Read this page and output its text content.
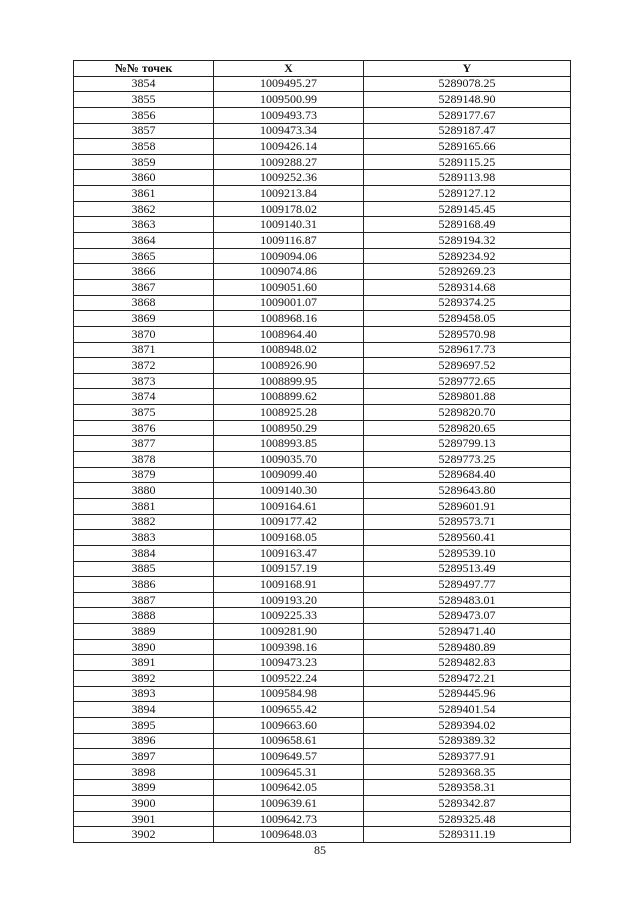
№№ точек	X	Y
3854	1009495.27	5289078.25
3855	1009500.99	5289148.90
3856	1009493.73	5289177.67
3857	1009473.34	5289187.47
3858	1009426.14	5289165.66
3859	1009288.27	5289115.25
3860	1009252.36	5289113.98
3861	1009213.84	5289127.12
3862	1009178.02	5289145.45
3863	1009140.31	5289168.49
3864	1009116.87	5289194.32
3865	1009094.06	5289234.92
3866	1009074.86	5289269.23
3867	1009051.60	5289314.68
3868	1009001.07	5289374.25
3869	1008968.16	5289458.05
3870	1008964.40	5289570.98
3871	1008948.02	5289617.73
3872	1008926.90	5289697.52
3873	1008899.95	5289772.65
3874	1008899.62	5289801.88
3875	1008925.28	5289820.70
3876	1008950.29	5289820.65
3877	1008993.85	5289799.13
3878	1009035.70	5289773.25
3879	1009099.40	5289684.40
3880	1009140.30	5289643.80
3881	1009164.61	5289601.91
3882	1009177.42	5289573.71
3883	1009168.05	5289560.41
3884	1009163.47	5289539.10
3885	1009157.19	5289513.49
3886	1009168.91	5289497.77
3887	1009193.20	5289483.01
3888	1009225.33	5289473.07
3889	1009281.90	5289471.40
3890	1009398.16	5289480.89
3891	1009473.23	5289482.83
3892	1009522.24	5289472.21
3893	1009584.98	5289445.96
3894	1009655.42	5289401.54
3895	1009663.60	5289394.02
3896	1009658.61	5289389.32
3897	1009649.57	5289377.91
3898	1009645.31	5289368.35
3899	1009642.05	5289358.31
3900	1009639.61	5289342.87
3901	1009642.73	5289325.48
3902	1009648.03	5289311.19
85
